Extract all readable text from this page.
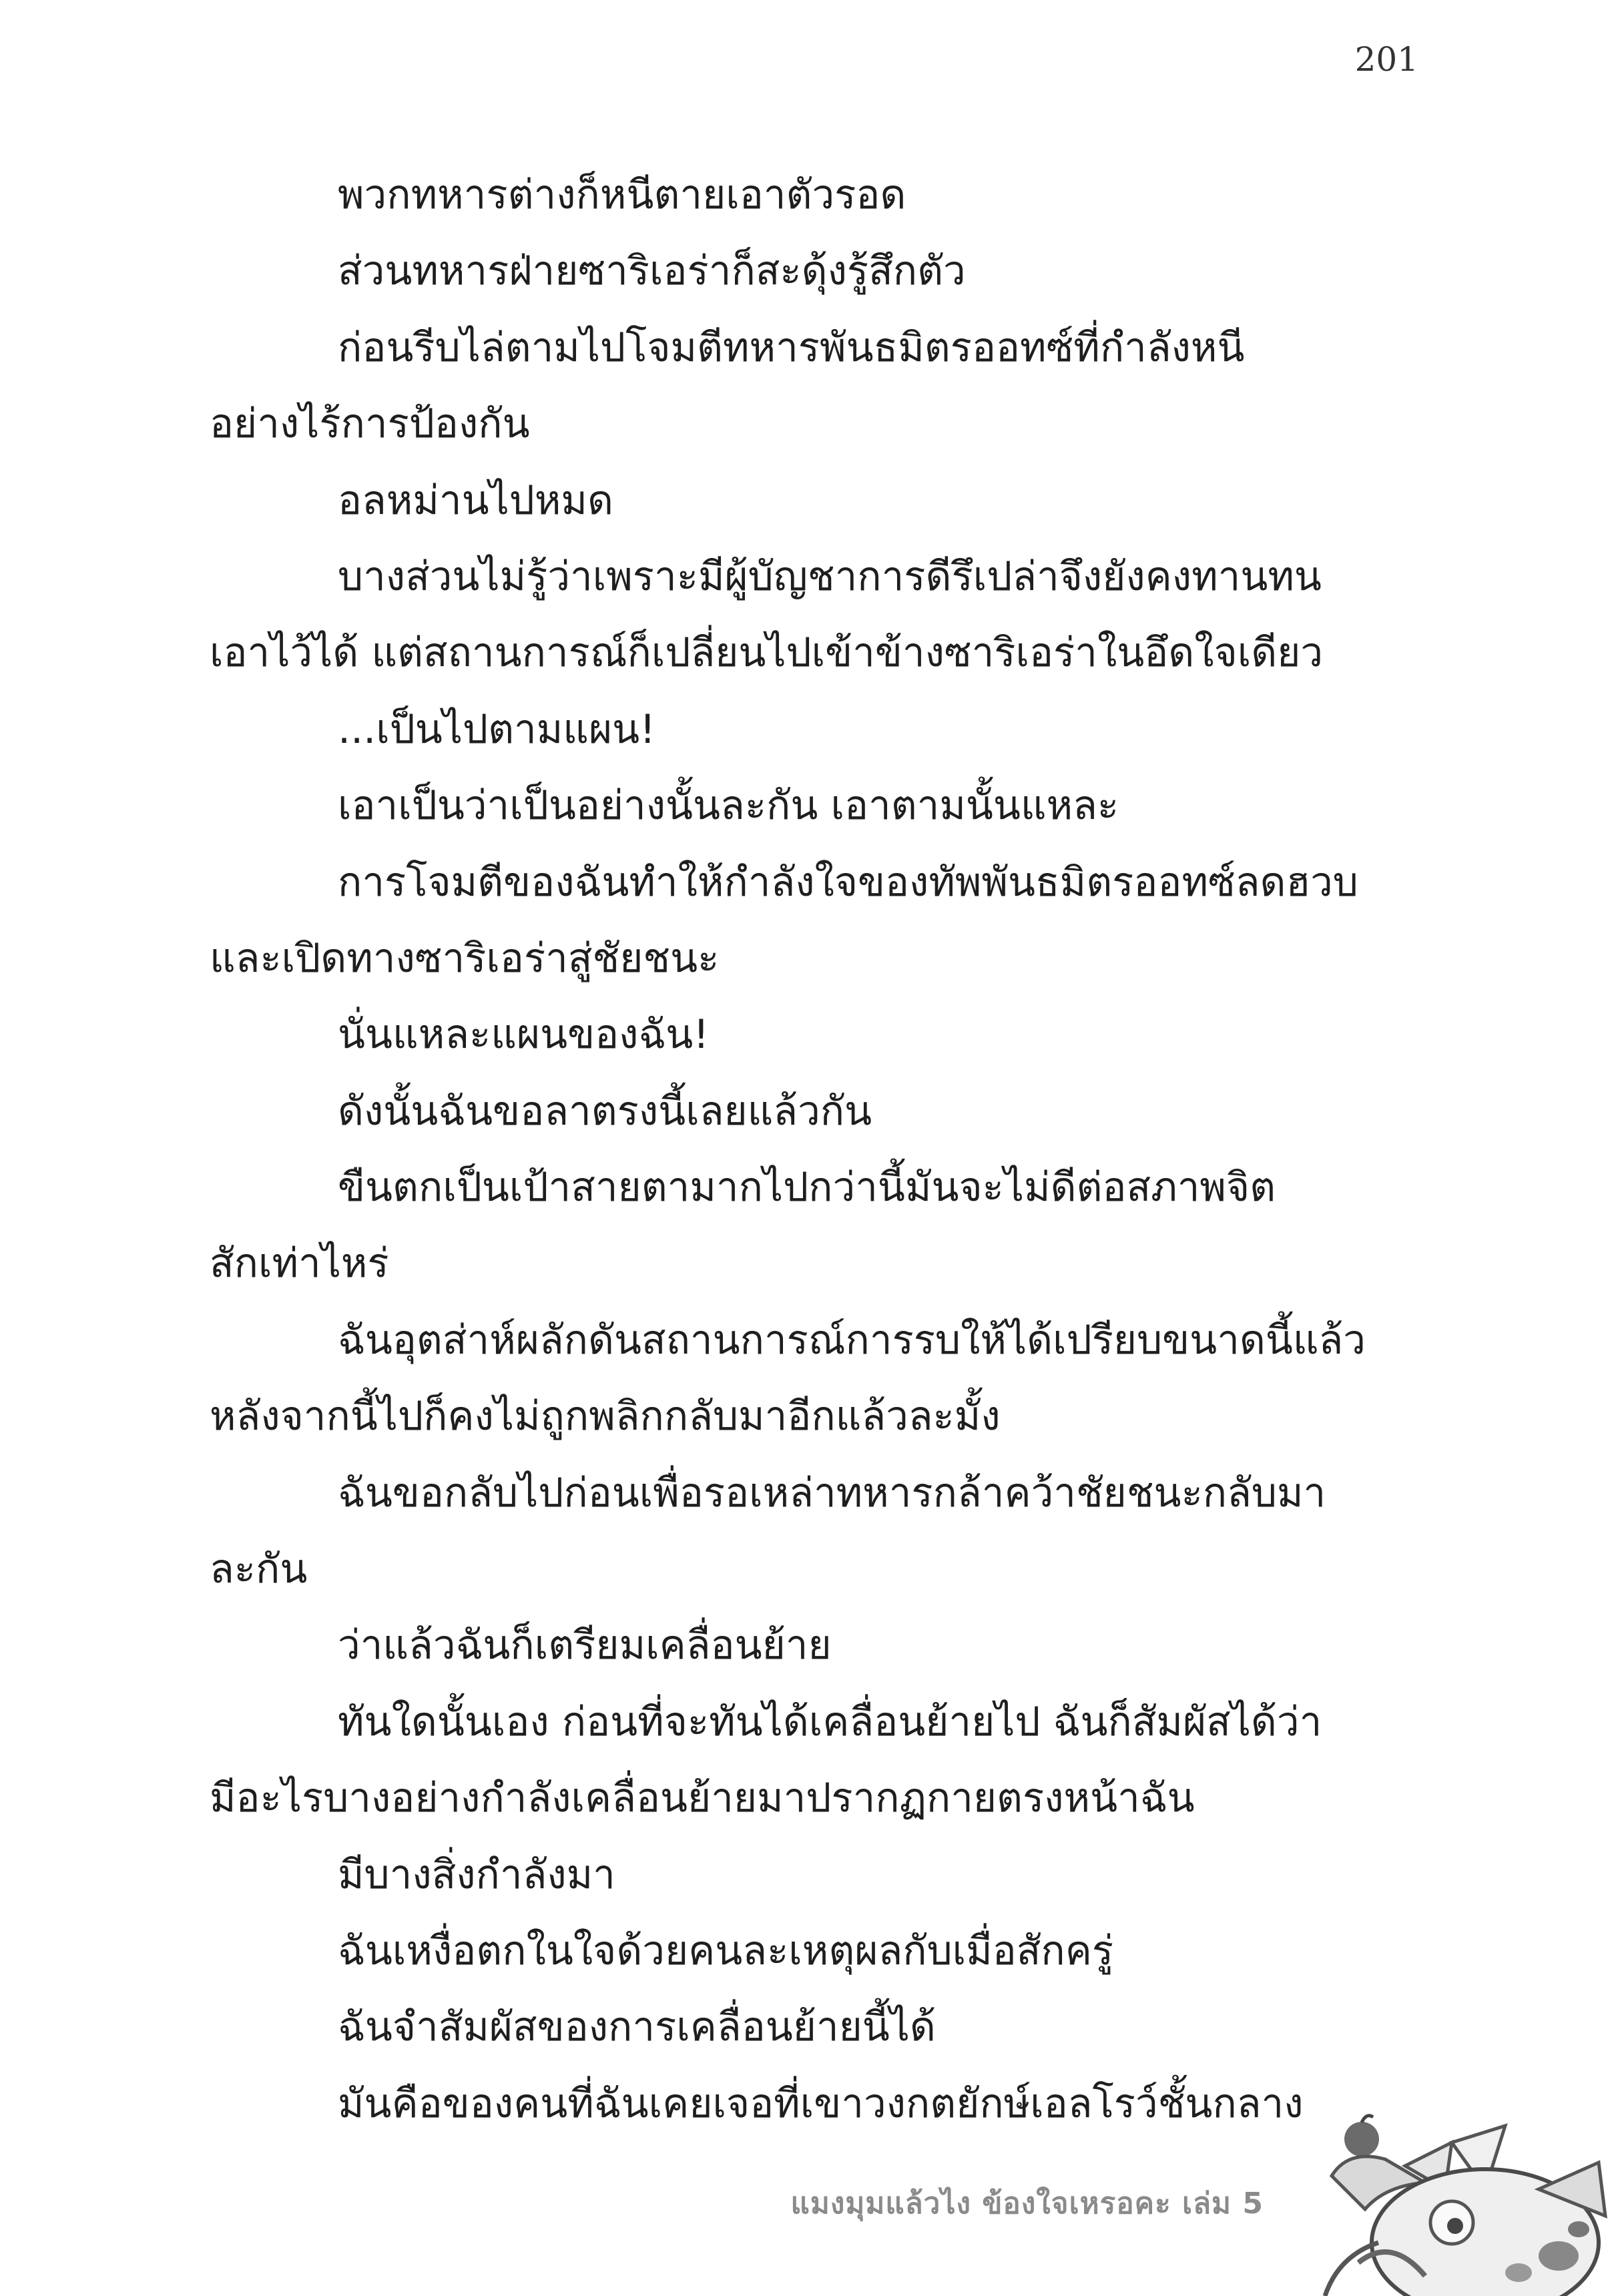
201

พวกทหารต่างก็หนีตายเอาตัวรอด

ส่วนทหารฝ่ายซาริเอร่าก็สะดุ้งรู้สึกตัว

ก่อนรีบไล่ตามไปโจมตีทหารพันธมิตรออทซ์ที่กำลังหนี

อย่างไร้การป้องกัน

อลหม่านไปหมด

บางส่วนไม่รู้ว่าเพราะมีผู้บัญชาการดีรึเปล่าจึงยังคงทานทน

เอาไว้ได้ แต่สถานการณ์ก็เปลี่ยนไปเข้าข้างซาริเอร่าในอึดใจเดียว

...เป็นไปตามแผน!

เอาเป็นว่าเป็นอย่างนั้นละกัน เอาตามนั้นแหละ

การโจมตีของฉันทำให้กำลังใจของทัพพันธมิตรออทซ์ลดฮวบ

และเปิดทางซาริเอร่าสู่ชัยชนะ

นั่นแหละแผนของฉัน!

ดังนั้นฉันขอลาตรงนี้เลยแล้วกัน

ขืนตกเป็นเป้าสายตามากไปกว่านี้มันจะไม่ดีต่อสภาพจิต

สักเท่าไหร่

ฉันอุตส่าห์ผลักดันสถานการณ์การรบให้ได้เปรียบขนาดนี้แล้ว

หลังจากนี้ไปก็คงไม่ถูกพลิกกลับมาอีกแล้วละมั้ง

ฉันขอกลับไปก่อนเพื่อรอเหล่าทหารกล้าคว้าชัยชนะกลับมา

ละกัน

ว่าแล้วฉันก็เตรียมเคลื่อนย้าย

ทันใดนั้นเอง ก่อนที่จะทันได้เคลื่อนย้ายไป ฉันก็สัมผัสได้ว่า

มีอะไรบางอย่างกำลังเคลื่อนย้ายมาปรากฏกายตรงหน้าฉัน

มีบางสิ่งกำลังมา

ฉันเหงื่อตกในใจด้วยคนละเหตุผลกับเมื่อสักครู่

ฉันจำสัมผัสของการเคลื่อนย้ายนี้ได้

มันคือของคนที่ฉันเคยเจอที่เขาวงกตยักษ์เอลโรว์ชั้นกลาง

แมงมุมแล้วไง ข้องใจเหรอคะ เล่ม 5
